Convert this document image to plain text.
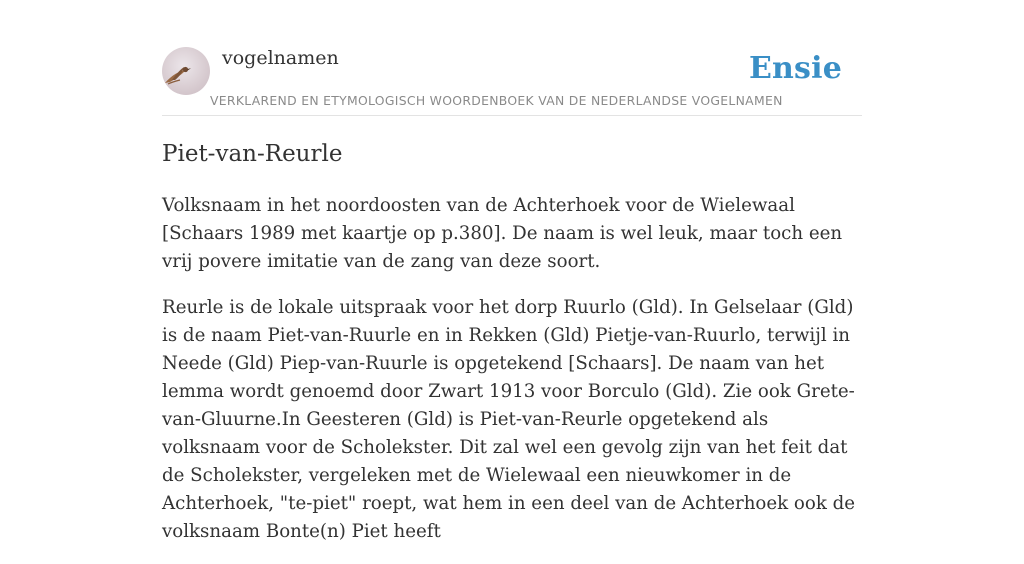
vogelnamen	Ensie
VERKLAREND EN ETYMOLOGISCH WOORDENBOEK VAN DE NEDERLANDSE VOGELNAMEN
Piet-van-Reurle

Volksnaam in het noordoosten van de Achterhoek voor de Wielewaal [Schaars 1989 met kaartje op p.380]. De naam is wel leuk, maar toch een vrij povere imitatie van de zang van deze soort.

Reurle is de lokale uitspraak voor het dorp Ruurlo (Gld). In Gelselaar (Gld) is de naam Piet-van-Ruurle en in Rekken (Gld) Pietje-van-Ruurlo, terwijl in Neede (Gld) Piep-van-Ruurle is opgetekend [Schaars]. De naam van het lemma wordt genoemd door Zwart 1913 voor Borculo (Gld). Zie ook Grete-van-Gluurne.In Geesteren (Gld) is Piet-van-Reurle opgetekend als volksnaam voor de Scholekster. Dit zal wel een gevolg zijn van het feit dat de Scholekster, vergeleken met de Wielewaal een nieuwkomer in de Achterhoek, "te-piet" roept, wat hem in een deel van de Achterhoek ook de volksnaam Bonte(n) Piet heeft
